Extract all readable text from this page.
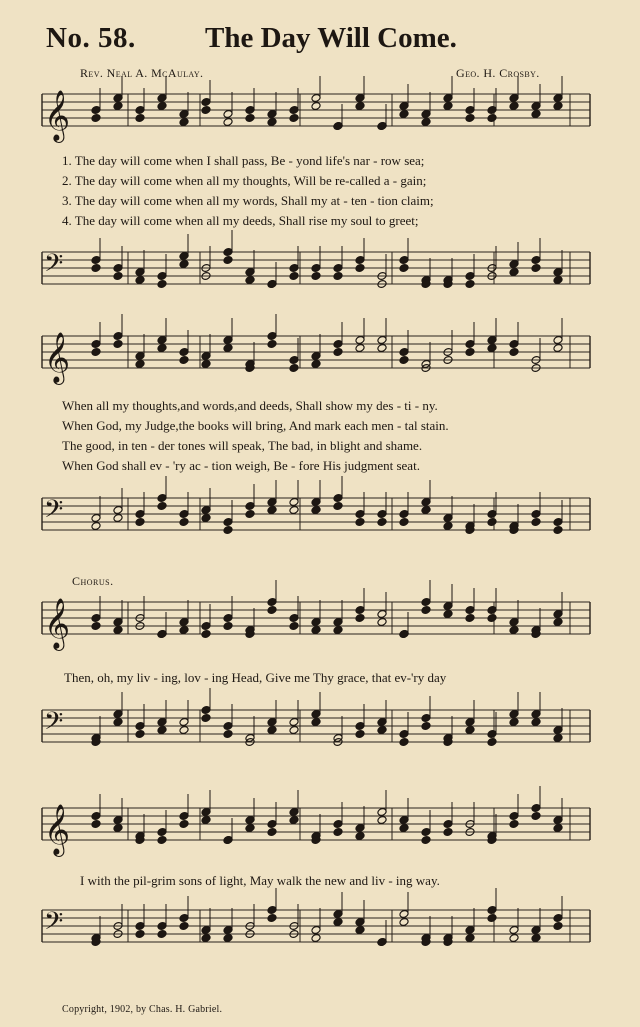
No. 58. The Day Will Come.
Rev. Neal A. McAulay.	Geo. H. Crosby.
𝄞
1. The day will come when I shall pass, Be - yond life's nar - row sea;
2. The day will come when all my thoughts, Will be re-called a - gain;
3. The day will come when all my words, Shall my at - ten - tion claim;
4. The day will come when all my deeds, Shall rise my soul to greet;
𝄢
𝄞
When all my thoughts,and words,and deeds, Shall show my des - ti - ny.
When God, my Judge,the books will bring, And mark each men - tal stain.
The good, in ten - der tones will speak, The bad, in blight and shame.
When God shall ev - 'ry ac - tion weigh, Be - fore His judgment seat.
𝄢
Chorus.
𝄞
Then, oh, my liv - ing, lov - ing Head, Give me Thy grace, that ev-'ry day
𝄢
𝄞
I with the pil-grim sons of light, May walk the new and liv - ing way.
𝄢
Copyright, 1902, by Chas. H. Gabriel.
